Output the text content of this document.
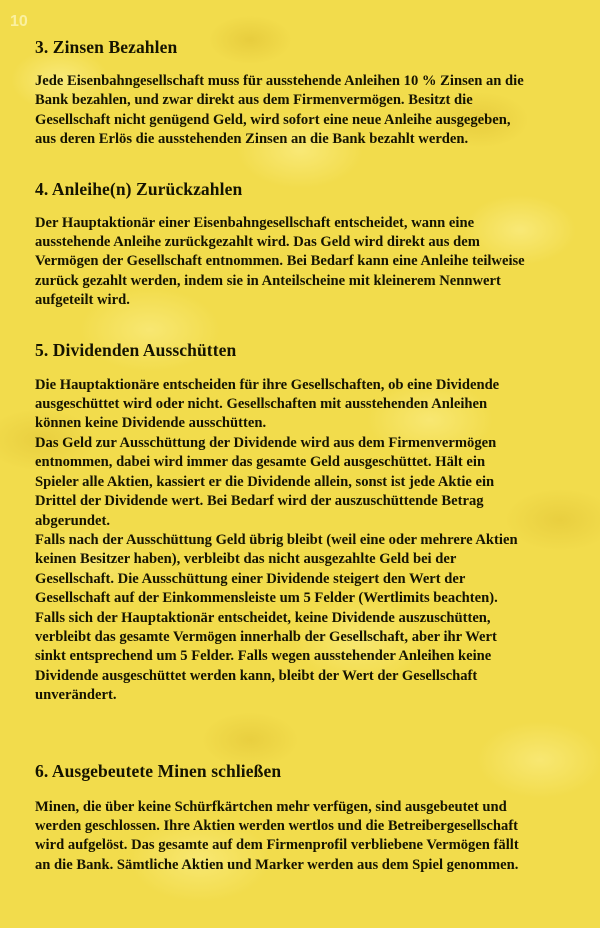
10
3. Zinsen Bezahlen

Jede Eisenbahngesellschaft muss für ausstehende Anleihen 10 % Zinsen an die
Bank bezahlen, und zwar direkt aus dem Firmenvermögen. Besitzt die
Gesellschaft nicht genügend Geld, wird sofort eine neue Anleihe ausgegeben,
aus deren Erlös die ausstehenden Zinsen an die Bank bezahlt werden.

4. Anleihe(n) Zurückzahlen

Der Hauptaktionär einer Eisenbahngesellschaft entscheidet, wann eine
ausstehende Anleihe zurückgezahlt wird. Das Geld wird direkt aus dem
Vermögen der Gesellschaft entnommen. Bei Bedarf kann eine Anleihe teilweise
zurück gezahlt werden, indem sie in Anteilscheine mit kleinerem Nennwert
aufgeteilt wird.

5. Dividenden Ausschütten

Die Hauptaktionäre entscheiden für ihre Gesellschaften, ob eine Dividende
ausgeschüttet wird oder nicht. Gesellschaften mit ausstehenden Anleihen
können keine Dividende ausschütten.
Das Geld zur Ausschüttung der Dividende wird aus dem Firmenvermögen
entnommen, dabei wird immer das gesamte Geld ausgeschüttet. Hält ein
Spieler alle Aktien, kassiert er die Dividende allein, sonst ist jede Aktie ein
Drittel der Dividende wert. Bei Bedarf wird der auszuschüttende Betrag
abgerundet.
Falls nach der Ausschüttung Geld übrig bleibt (weil eine oder mehrere Aktien
keinen Besitzer haben), verbleibt das nicht ausgezahlte Geld bei der
Gesellschaft. Die Ausschüttung einer Dividende steigert den Wert der
Gesellschaft auf der Einkommensleiste um 5 Felder (Wertlimits beachten).
Falls sich der Hauptaktionär entscheidet, keine Dividende auszuschütten,
verbleibt das gesamte Vermögen innerhalb der Gesellschaft, aber ihr Wert
sinkt entsprechend um 5 Felder. Falls wegen ausstehender Anleihen keine
Dividende ausgeschüttet werden kann, bleibt der Wert der Gesellschaft
unverändert.

6. Ausgebeutete Minen schließen

Minen, die über keine Schürfkärtchen mehr verfügen, sind ausgebeutet und
werden geschlossen. Ihre Aktien werden wertlos und die Betreibergesellschaft
wird aufgelöst. Das gesamte auf dem Firmenprofil verbliebene Vermögen fällt
an die Bank. Sämtliche Aktien und Marker werden aus dem Spiel genommen.
